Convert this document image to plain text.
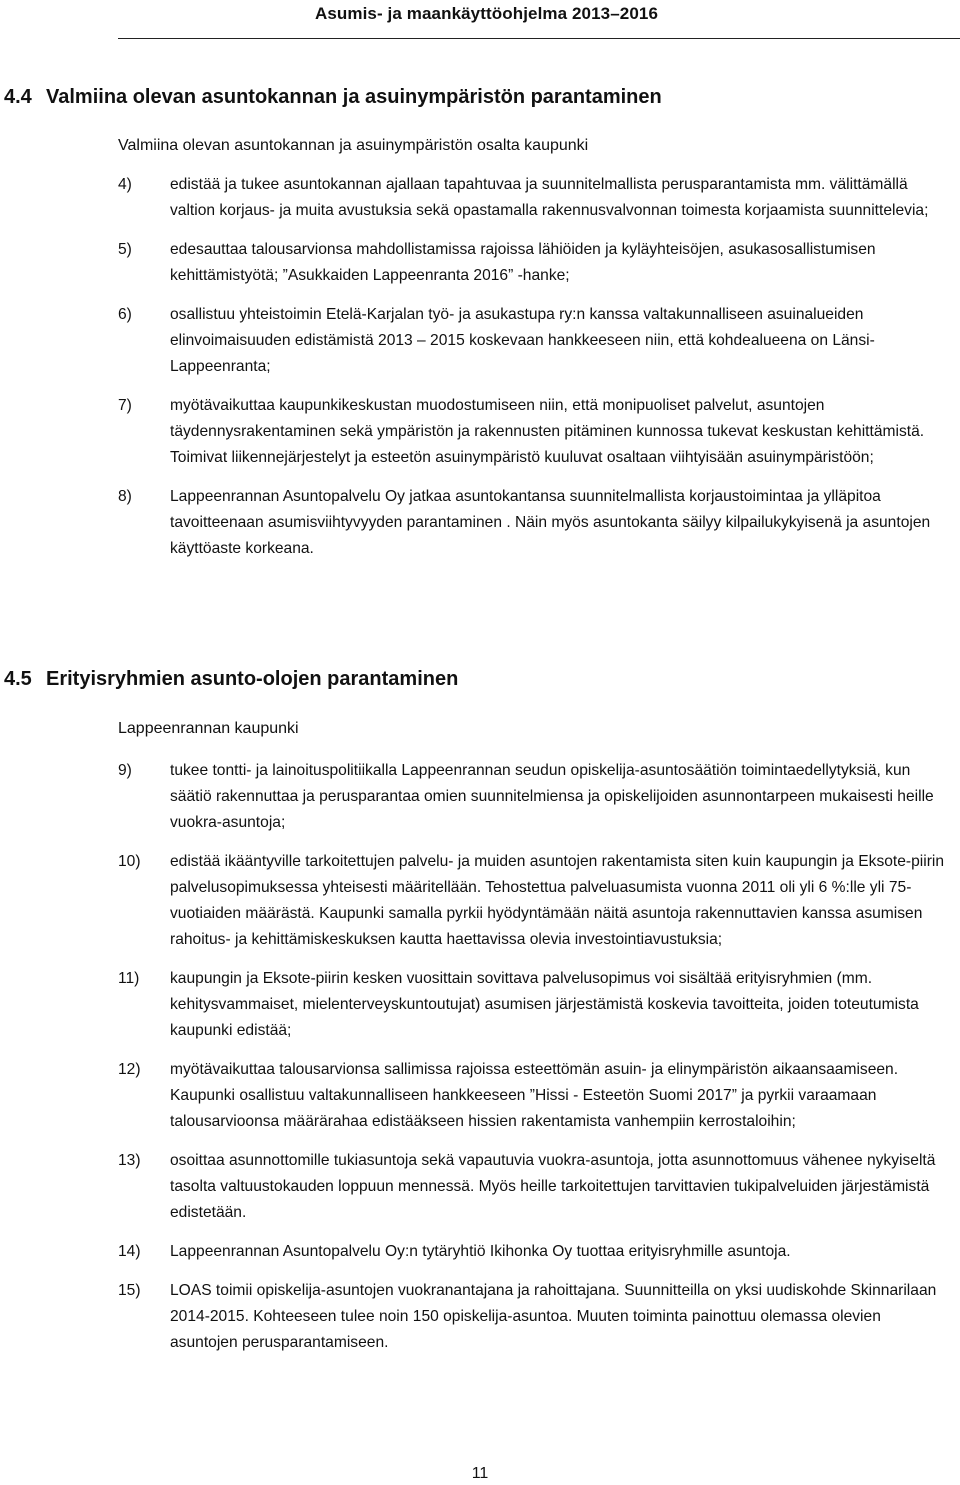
Asumis- ja maankäyttöohjelma 2013–2016
4.4 Valmiina olevan asuntokannan ja asuinympäristön parantaminen
Valmiina olevan asuntokannan ja asuinympäristön osalta kaupunki
4) edistää ja tukee asuntokannan ajallaan tapahtuvaa ja suunnitelmallista perusparantamista mm. välittämällä valtion korjaus- ja muita avustuksia sekä opastamalla rakennusvalvonnan toimesta korjaamista suunnittelevia;
5) edesauttaa talousarvionsa mahdollistamissa rajoissa lähiöiden ja kyläyhteisöjen, asukasosallistumisen kehittämistyötä; ”Asukkaiden Lappeenranta 2016” -hanke;
6) osallistuu yhteistoimin Etelä-Karjalan työ- ja asukastupa ry:n kanssa valtakunnalliseen asuinalueiden elinvoimaisuuden edistämistä 2013 – 2015 koskevaan hankkeeseen niin, että kohdealueena on Länsi-Lappeenranta;
7) myötävaikuttaa kaupunkikeskustan muodostumiseen niin, että monipuoliset palvelut, asuntojen täydennysrakentaminen sekä ympäristön ja rakennusten pitäminen kunnossa tukevat keskustan kehittämistä. Toimivat liikennejärjestelyt ja esteetön asuinympäristö kuuluvat osaltaan viihtyisään asuinympäristöön;
8) Lappeenrannan Asuntopalvelu Oy jatkaa asuntokantansa suunnitelmallista korjaustoimintaa ja ylläpitoa tavoitteenaan asumisviihtyvyyden parantaminen . Näin myös asuntokanta säilyy kilpailukykyisenä ja asuntojen käyttöaste korkeana.
4.5 Erityisryhmien asunto-olojen parantaminen
Lappeenrannan kaupunki
9) tukee tontti- ja lainoituspolitiikalla Lappeenrannan seudun opiskelija-asuntosäätiön toimintaedellytyksiä, kun säätiö rakennuttaa ja perusparantaa omien suunnitelmiensa ja opiskelijoiden asunnontarpeen mukaisesti heille vuokra-asuntoja;
10) edistää ikääntyville tarkoitettujen palvelu- ja muiden asuntojen rakentamista siten kuin kaupungin ja Eksote-piirin palvelusopimuksessa yhteisesti määritellään. Tehostettua palveluasumista vuonna 2011 oli yli 6 %:lle yli 75-vuotiaiden määrästä. Kaupunki samalla pyrkii hyödyntämään näitä asuntoja rakennuttavien kanssa asumisen rahoitus- ja kehittämiskeskuksen kautta haettavissa olevia investointiavustuksia;
11) kaupungin ja Eksote-piirin kesken vuosittain sovittava palvelusopimus voi sisältää erityisryhmien (mm. kehitysvammaiset, mielenterveyskuntoutujat) asumisen järjestämistä koskevia tavoitteita, joiden toteutumista kaupunki edistää;
12) myötävaikuttaa talousarvionsa sallimissa rajoissa esteettömän asuin- ja elinympäristön aikaansaamiseen. Kaupunki osallistuu valtakunnalliseen hankkeeseen ”Hissi - Esteetön Suomi 2017” ja pyrkii varaamaan talousarvioonsa määrärahaa edistääkseen hissien rakentamista vanhempiin kerrostaloihin;
13) osoittaa asunnottomille tukiasuntoja sekä vapautuvia vuokra-asuntoja, jotta asunnottomuus vähenee nykyiseltä tasolta valtuustokauden loppuun mennessä. Myös heille tarkoitettujen tarvittavien tukipalveluiden järjestämistä edistetään.
14) Lappeenrannan Asuntopalvelu Oy:n tytäryhtiö Ikihonka Oy tuottaa erityisryhmille asuntoja.
15) LOAS toimii opiskelija-asuntojen vuokranantajana ja rahoittajana. Suunnitteilla on yksi uudiskohde Skinnarilaan 2014-2015. Kohteeseen tulee noin 150 opiskelija-asuntoa. Muuten toiminta painottuu olemassa olevien asuntojen perusparantamiseen.
11
